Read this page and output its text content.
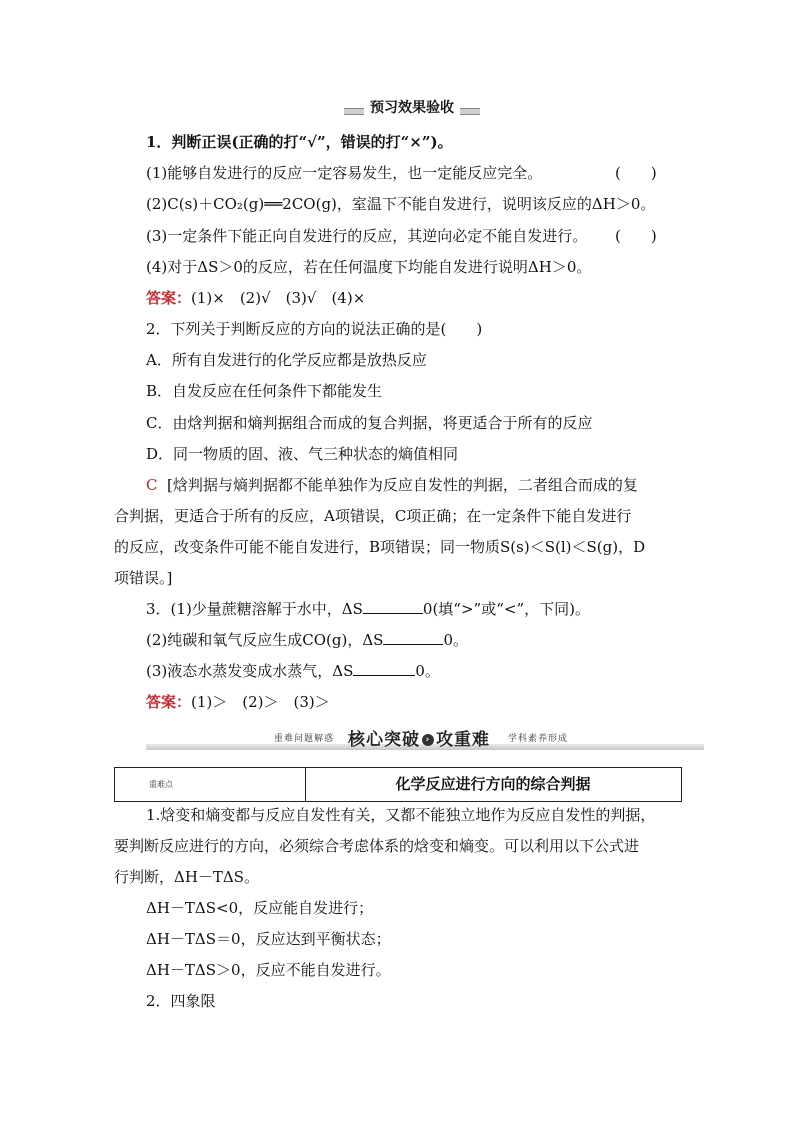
预习效果验收
1．判断正误(正确的打“√”，错误的打“×”)。
(1)能够自发进行的反应一定容易发生，也一定能反应完全。	(　　)
(2)C(s)＋CO₂(g)══2CO(g)，室温下不能自发进行，说明该反应的ΔH＞0。
(3)一定条件下能正向自发进行的反应，其逆向必定不能自发进行。 (　　)
(4)对于ΔS＞0的反应，若在任何温度下均能自发进行说明ΔH＞0。
答案：(1)×　(2)√　(3)√　(4)×
2．下列关于判断反应的方向的说法正确的是(　　)
A．所有自发进行的化学反应都是放热反应
B．自发反应在任何条件下都能发生
C．由焓判据和熵判据组合而成的复合判据，将更适合于所有的反应
D．同一物质的固、液、气三种状态的熵值相同
C [焓判据与熵判据都不能单独作为反应自发性的判据，二者组合而成的复
合判据，更适合于所有的反应，A项错误，C项正确；在一定条件下能自发进行
的反应，改变条件可能不能自发进行，B项错误；同一物质S(s)＜S(l)＜S(g)，D
项错误。]
3．(1)少量蔗糖溶解于水中，ΔS	0(填“>”或“<”，下同)。
(2)纯碳和氧气反应生成CO(g)，ΔS	0。
(3)液态水蒸发变成水蒸气，ΔS	0。
答案：(1)＞　(2)＞　(3)＞
重难问题解惑 核心突破 › 攻重难 学科素养形成
重难点	化学反应进行方向的综合判据
1.焓变和熵变都与反应自发性有关，又都不能独立地作为反应自发性的判据，
要判断反应进行的方向，必须综合考虑体系的焓变和熵变。可以利用以下公式进
行判断，ΔH－TΔS。
ΔH－TΔS<0，反应能自发进行；
ΔH－TΔS＝0，反应达到平衡状态；
ΔH－TΔS＞0，反应不能自发进行。
2．四象限
